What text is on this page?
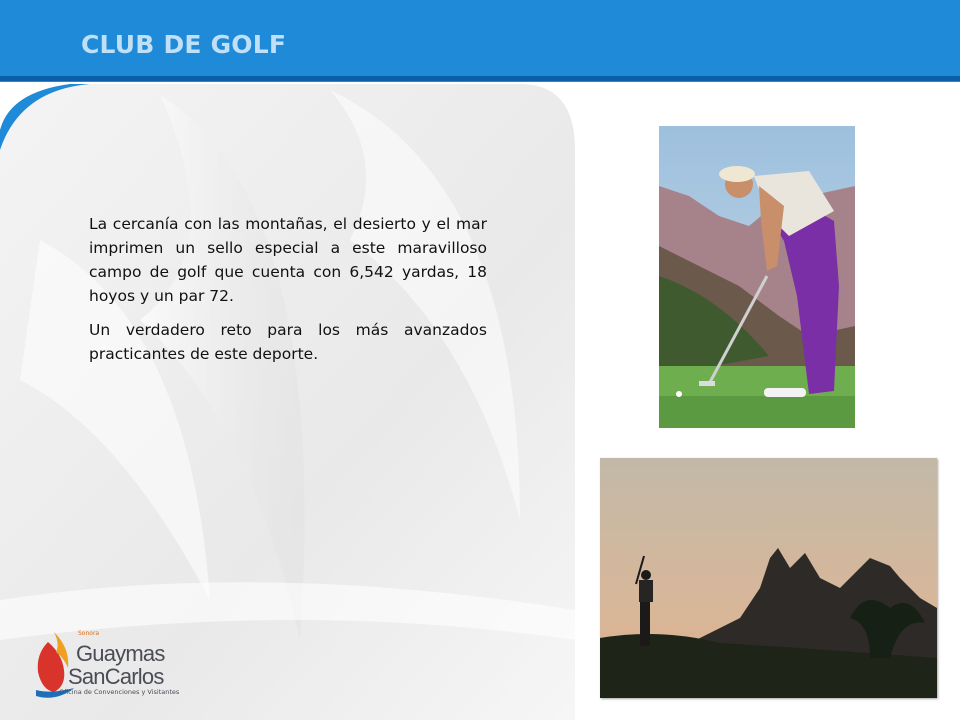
CLUB DE GOLF

La cercanía con las montañas, el desierto y el mar imprimen un sello especial a este maravilloso campo de golf que cuenta con 6,542 yardas, 18 hoyos y un par 72.

Un verdadero reto para los más avanzados practicantes de este deporte.

Sonora
Guaymas
SanCarlos
Oficina de Convenciones y Visitantes
